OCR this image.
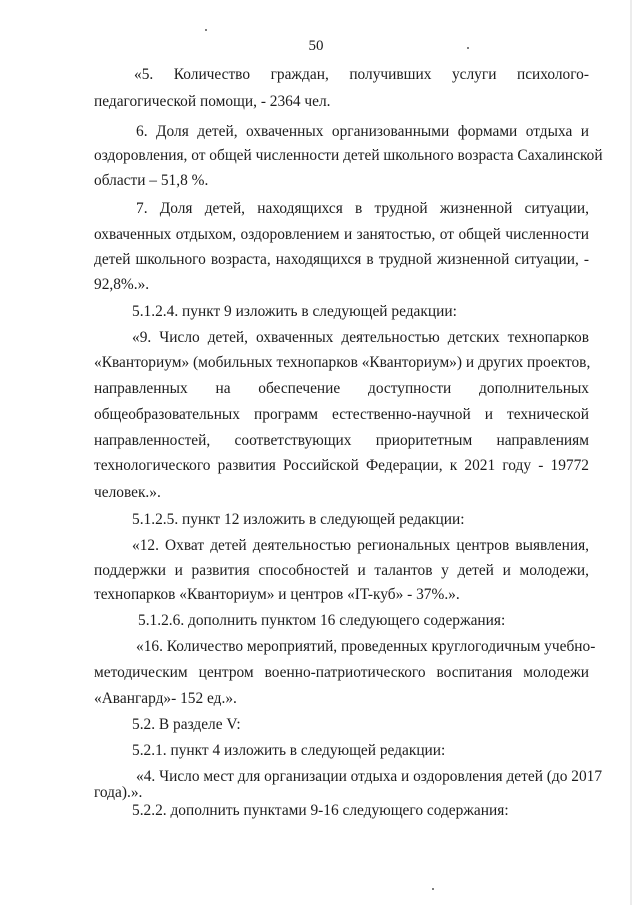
50
«5. Количество граждан, получивших услуги психолого-
педагогической помощи, - 2364 чел.
6. Доля детей, охваченных организованными формами отдыха и
оздоровления, от общей численности детей школьного возраста Сахалинской
области – 51,8 %.
7. Доля детей, находящихся в трудной жизненной ситуации,
охваченных отдыхом, оздоровлением и занятостью, от общей численности
детей школьного возраста, находящихся в трудной жизненной ситуации, -
92,8%.».
5.1.2.4. пункт 9 изложить в следующей редакции:
«9. Число детей, охваченных деятельностью детских технопарков
«Кванториум» (мобильных технопарков «Кванториум») и других проектов,
направленных на обеспечение доступности дополнительных
общеобразовательных программ естественно-научной и технической
направленностей, соответствующих приоритетным направлениям
технологического развития Российской Федерации, к 2021 году - 19772
человек.».
5.1.2.5. пункт 12 изложить в следующей редакции:
«12. Охват детей деятельностью региональных центров выявления,
поддержки и развития способностей и талантов у детей и молодежи,
технопарков «Кванториум» и центров «IT-куб» - 37%.».
5.1.2.6. дополнить пунктом 16 следующего содержания:
«16. Количество мероприятий, проведенных круглогодичным учебно-
методическим центром военно-патриотического воспитания молодежи
«Авангард»- 152 ед.».
5.2. В разделе V:
5.2.1. пункт 4 изложить в следующей редакции:
«4. Число мест для организации отдыха и оздоровления детей (до 2017
года).».
5.2.2. дополнить пунктами 9-16 следующего содержания:
